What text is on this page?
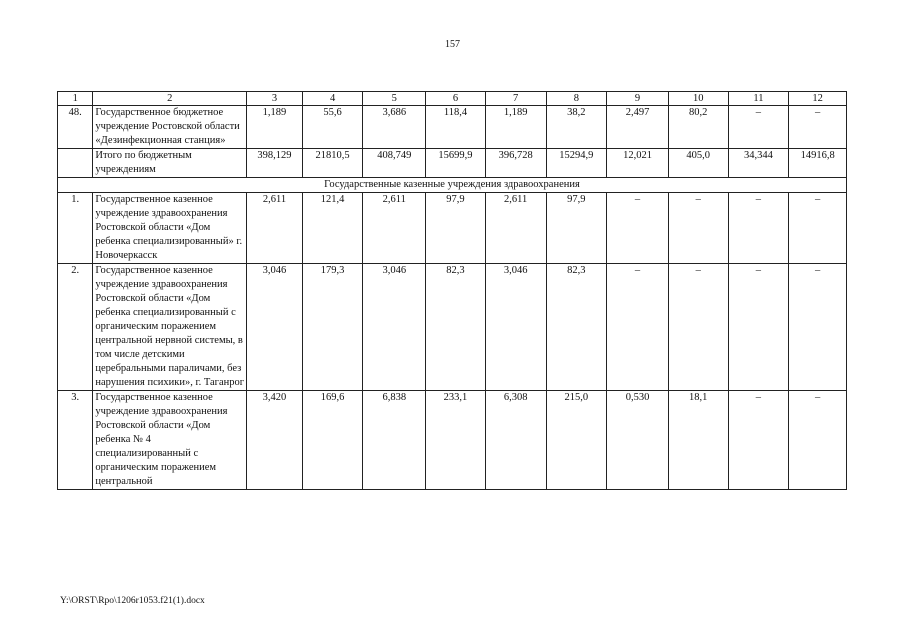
157
1	2	3	4	5	6	7	8	9	10	11	12
48.	Государственное бюджетное учреждение Ростовской области «Дезинфекционная станция»	1,189	55,6	3,686	118,4	1,189	38,2	2,497	80,2	–	–
	Итого по бюджетным учреждениям	398,129	21810,5	408,749	15699,9	396,728	15294,9	12,021	405,0	34,344	14916,8
Государственные казенные учреждения здравоохранения											
1.	Государственное казенное учреждение здравоохранения Ростовской области «Дом ребенка специализированный» г. Новочеркасск	2,611	121,4	2,611	97,9	2,611	97,9	–	–	–	–
2.	Государственное казенное учреждение здравоохранения Ростовской области «Дом ребенка специализированный с органическим поражением центральной нервной системы, в том числе детскими церебральными параличами, без нарушения психики», г. Таганрог	3,046	179,3	3,046	82,3	3,046	82,3	–	–	–	–
3.	Государственное казенное учреждение здравоохранения Ростовской области «Дом ребенка № 4 специализированный с органическим поражением центральной	3,420	169,6	6,838	233,1	6,308	215,0	0,530	18,1	–	–
Y:\ORST\Rpo\1206r1053.f21(1).docx
